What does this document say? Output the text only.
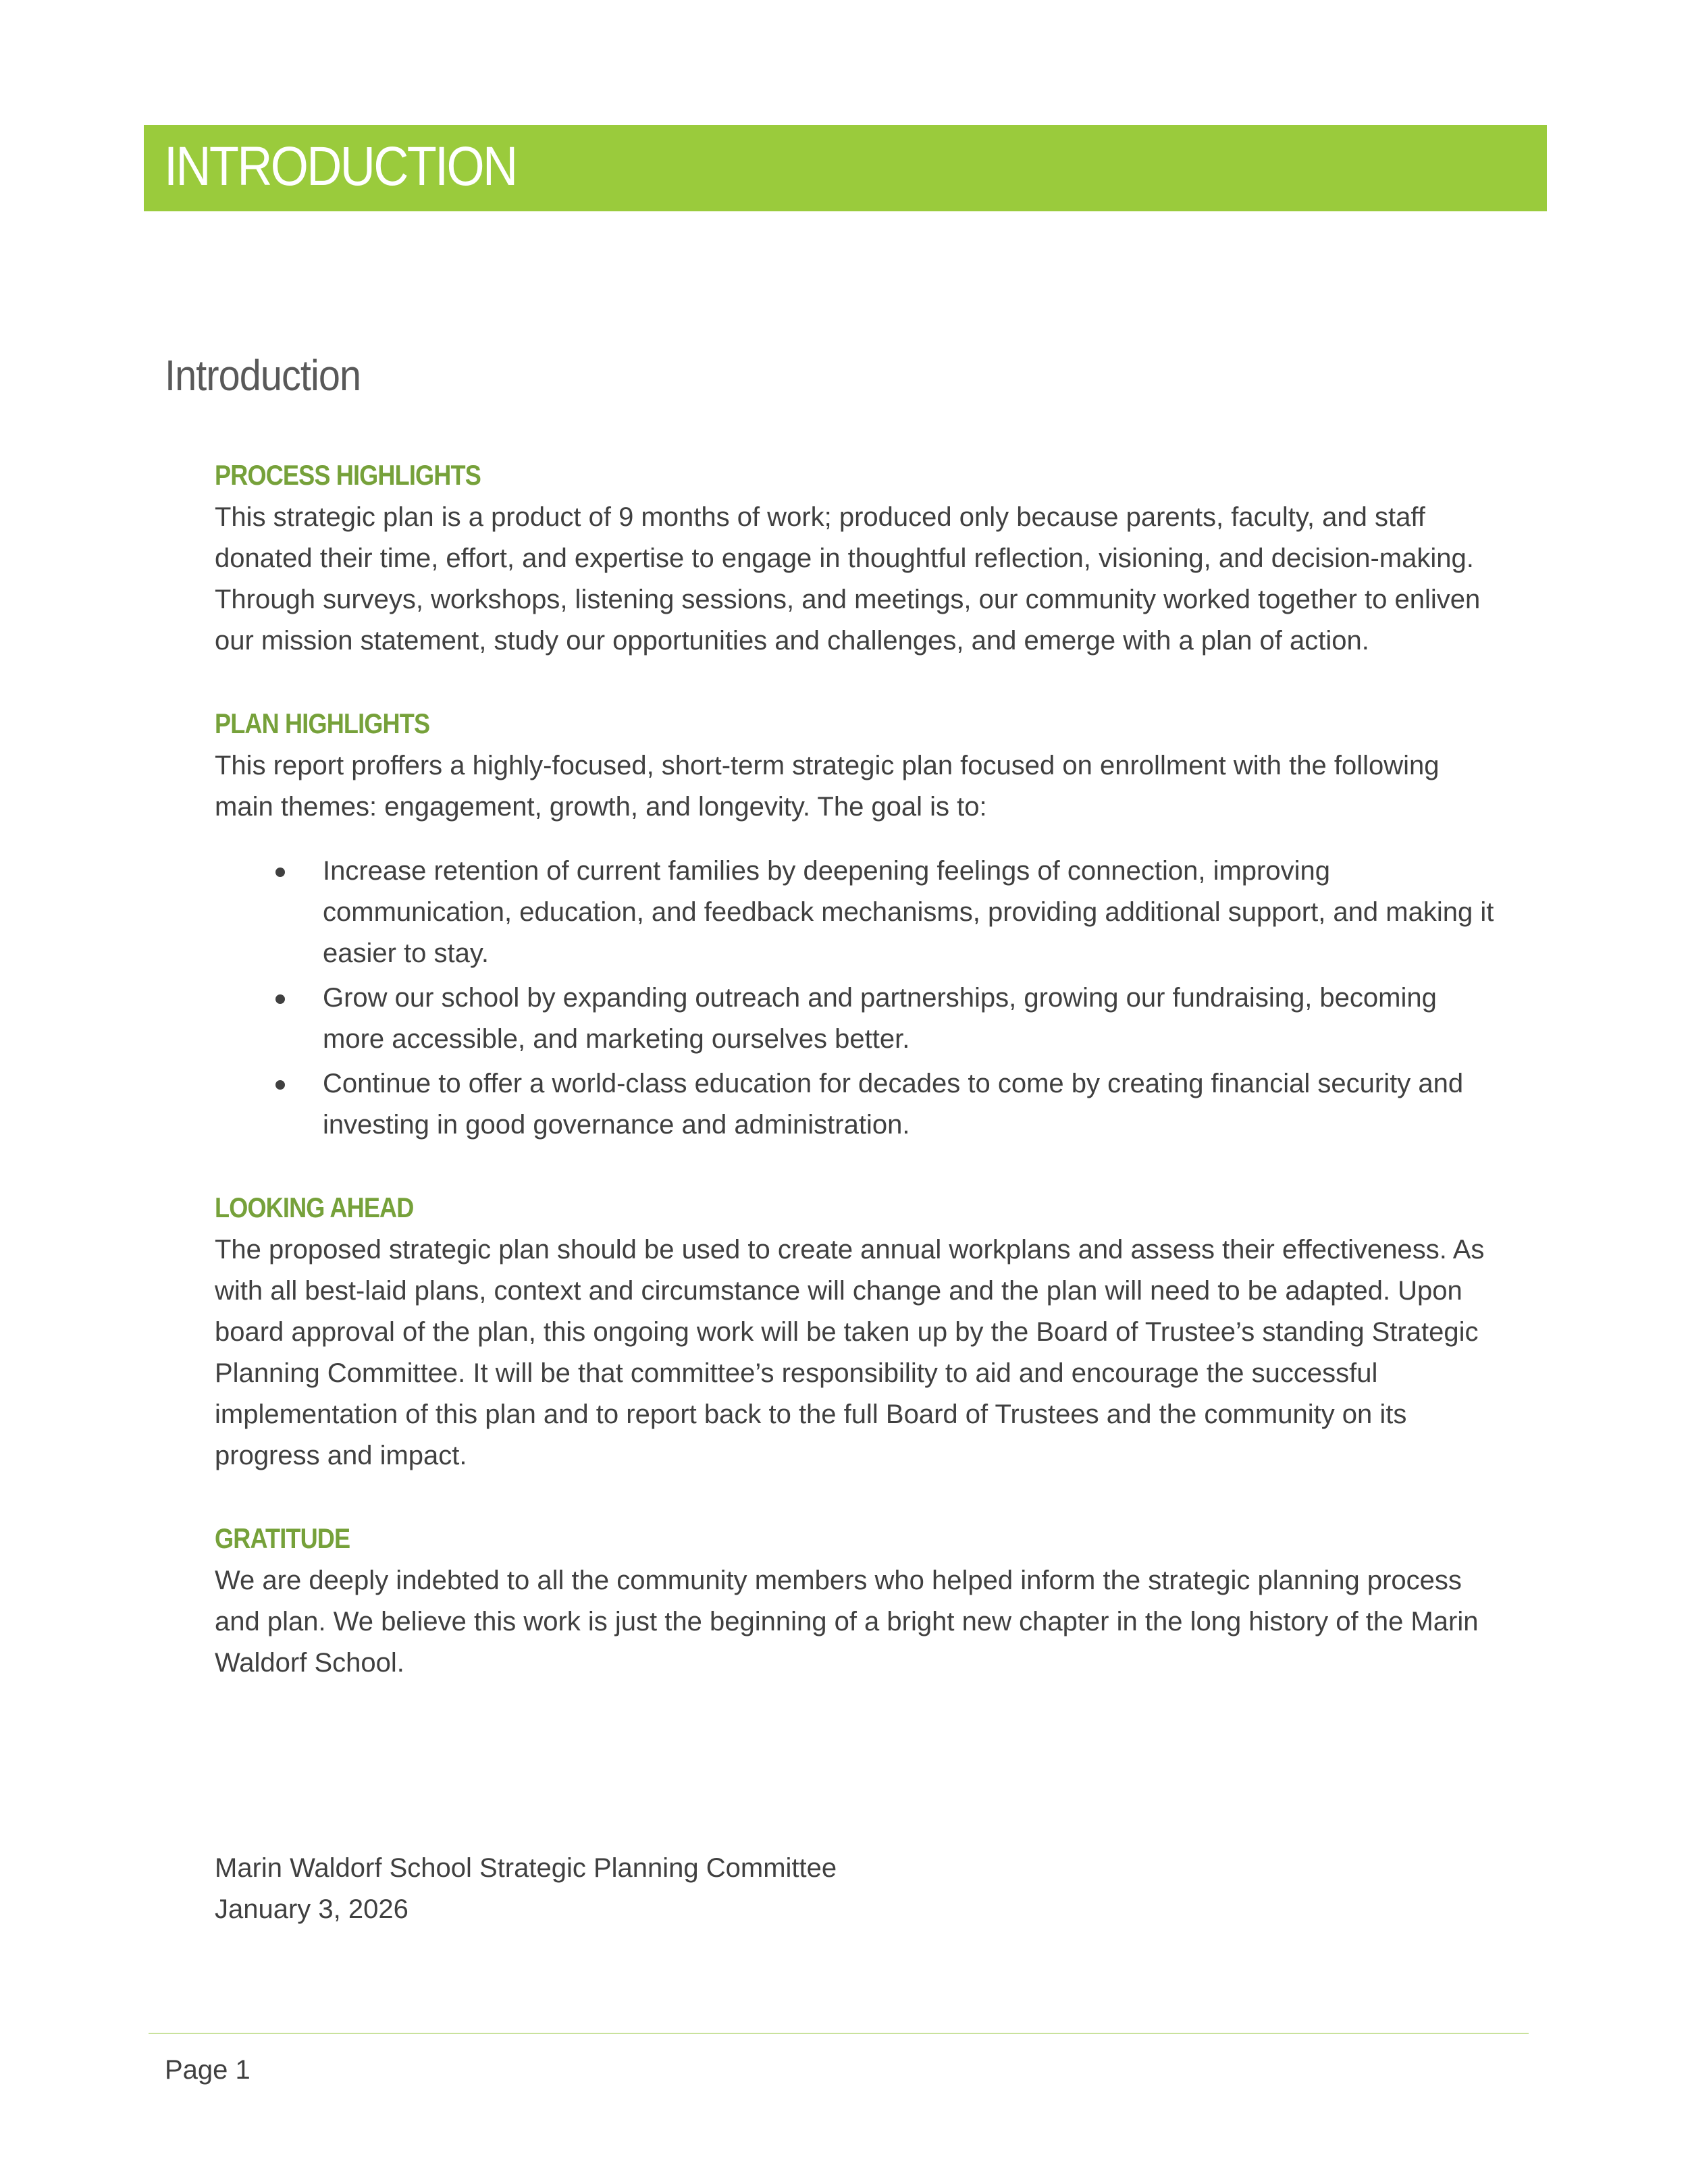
INTRODUCTION
Introduction
PROCESS HIGHLIGHTS

This strategic plan is a product of 9 months of work; produced only because parents, faculty, and staff donated their time, effort, and expertise to engage in thoughtful reflection, visioning, and decision-making. Through surveys, workshops, listening sessions, and meetings, our community worked together to enliven our mission statement, study our opportunities and challenges, and emerge with a plan of action.

PLAN HIGHLIGHTS

This report proffers a highly-focused, short-term strategic plan focused on enrollment with the following main themes: engagement, growth, and longevity. The goal is to:

Increase retention of current families by deepening feelings of connection, improving communication, education, and feedback mechanisms, providing additional support, and making it easier to stay.
Grow our school by expanding outreach and partnerships, growing our fundraising, becoming more accessible, and marketing ourselves better.
Continue to offer a world-class education for decades to come by creating financial security and investing in good governance and administration.
LOOKING AHEAD

The proposed strategic plan should be used to create annual workplans and assess their effectiveness. As with all best-laid plans, context and circumstance will change and the plan will need to be adapted. Upon board approval of the plan, this ongoing work will be taken up by the Board of Trustee’s standing Strategic Planning Committee. It will be that committee’s responsibility to aid and encourage the successful implementation of this plan and to report back to the full Board of Trustees and the community on its progress and impact.

GRATITUDE

We are deeply indebted to all the community members who helped inform the strategic planning process and plan. We believe this work is just the beginning of a bright new chapter in the long history of the Marin Waldorf School.

Marin Waldorf School Strategic Planning Committee

January 3, 2026

Page 1
